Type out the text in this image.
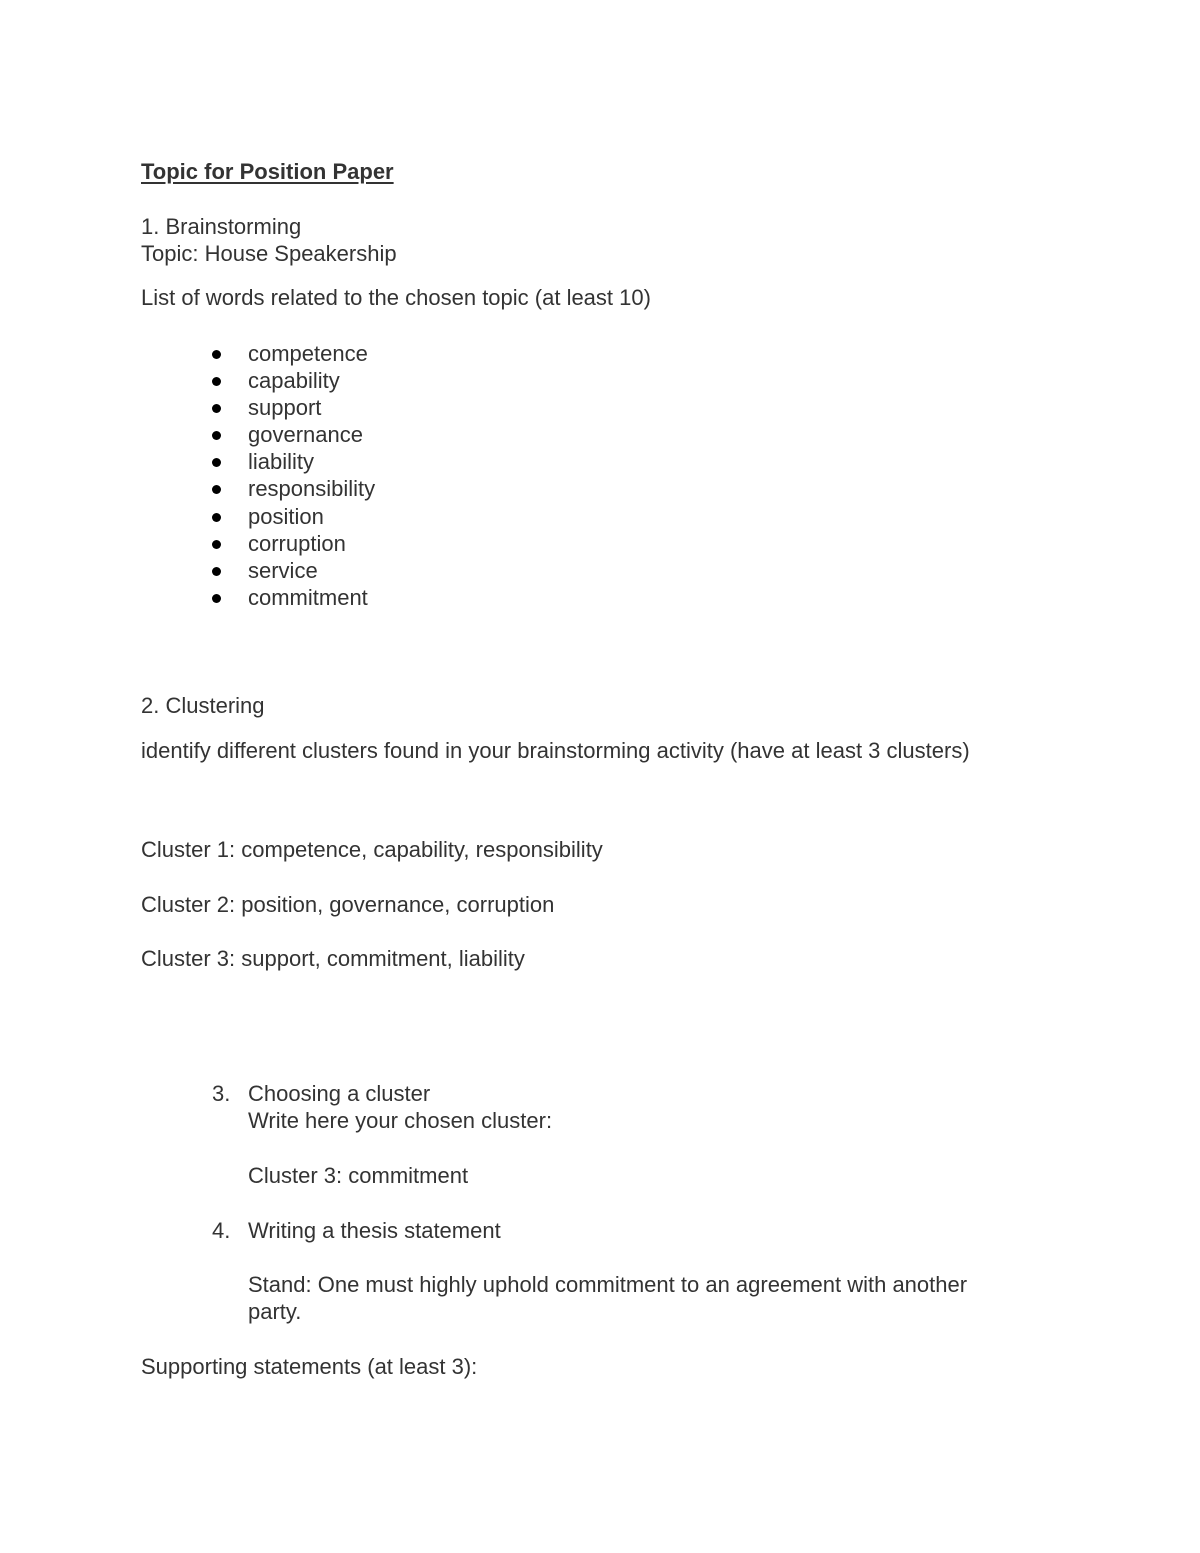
Topic for Position Paper

1. Brainstorming

Topic: House Speakership

List of words related to the chosen topic (at least 10)

competence
capability
support
governance
liability
responsibility
position
corruption
service
commitment

2. Clustering

identify different clusters found in your brainstorming activity (have at least 3 clusters)

Cluster 1: competence, capability, responsibility

Cluster 2: position, governance, corruption

Cluster 3: support, commitment, liability

3. Choosing a cluster

Write here your chosen cluster:

Cluster 3: commitment

4. Writing a thesis statement

Stand: One must highly uphold commitment to an agreement with another

party.

Supporting statements (at least 3):
